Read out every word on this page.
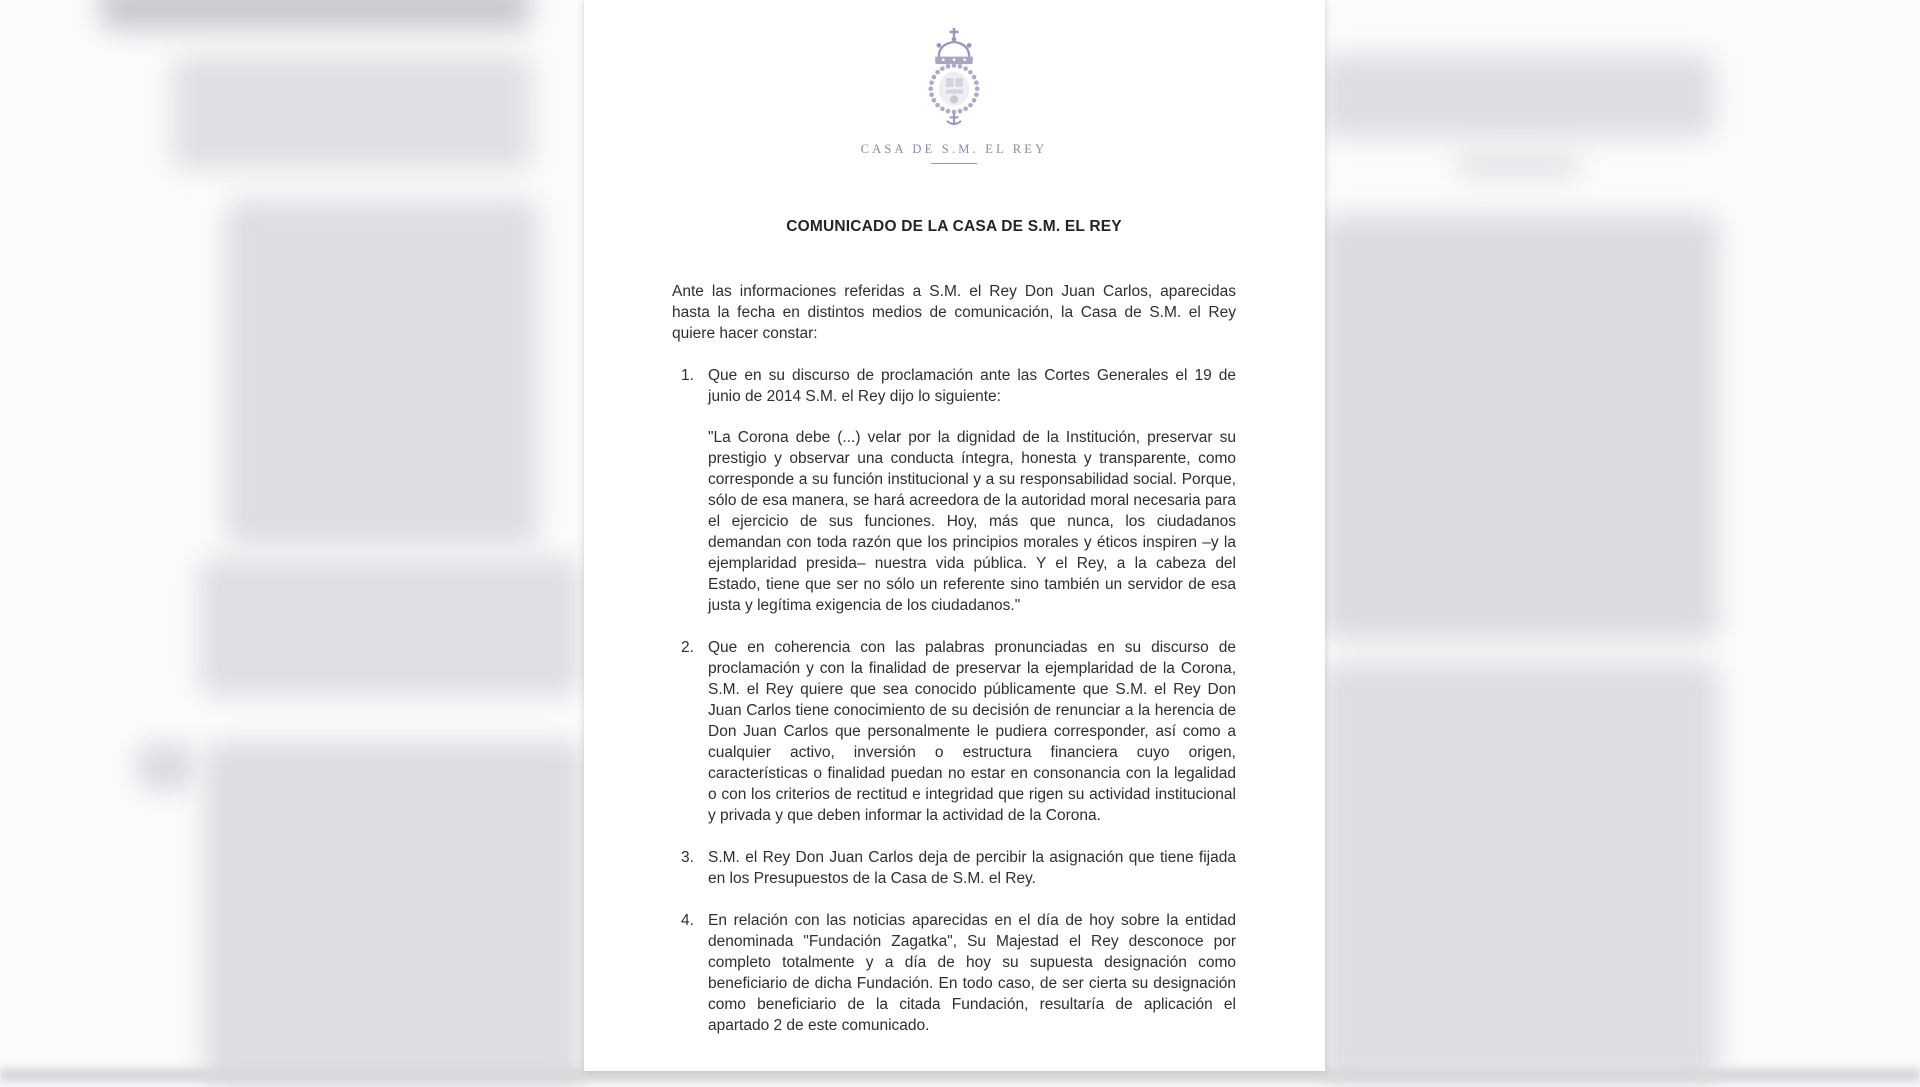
CASA DE S.M. EL REY
COMUNICADO DE LA CASA DE S.M. EL REY

Ante las informaciones referidas a S.M. el Rey Don Juan Carlos, aparecidas hasta la fecha en distintos medios de comunicación, la Casa de S.M. el Rey quiere hacer constar:

1. Que en su discurso de proclamación ante las Cortes Generales el 19 de junio de 2014 S.M. el Rey dijo lo siguiente:

"La Corona debe (...) velar por la dignidad de la Institución, preservar su prestigio y observar una conducta íntegra, honesta y transparente, como corresponde a su función institucional y a su responsabilidad social. Porque, sólo de esa manera, se hará acreedora de la autoridad moral necesaria para el ejercicio de sus funciones. Hoy, más que nunca, los ciudadanos demandan con toda razón que los principios morales y éticos inspiren –y la ejemplaridad presida– nuestra vida pública. Y el Rey, a la cabeza del Estado, tiene que ser no sólo un referente sino también un servidor de esa justa y legítima exigencia de los ciudadanos."

2. Que en coherencia con las palabras pronunciadas en su discurso de proclamación y con la finalidad de preservar la ejemplaridad de la Corona, S.M. el Rey quiere que sea conocido públicamente que S.M. el Rey Don Juan Carlos tiene conocimiento de su decisión de renunciar a la herencia de Don Juan Carlos que personalmente le pudiera corresponder, así como a cualquier activo, inversión o estructura financiera cuyo origen, características o finalidad puedan no estar en consonancia con la legalidad o con los criterios de rectitud e integridad que rigen su actividad institucional y privada y que deben informar la actividad de la Corona.

3. S.M. el Rey Don Juan Carlos deja de percibir la asignación que tiene fijada en los Presupuestos de la Casa de S.M. el Rey.

4. En relación con las noticias aparecidas en el día de hoy sobre la entidad denominada "Fundación Zagatka", Su Majestad el Rey desconoce por completo totalmente y a día de hoy su supuesta designación como beneficiario de dicha Fundación. En todo caso, de ser cierta su designación como beneficiario de la citada Fundación, resultaría de aplicación el apartado 2 de este comunicado.
